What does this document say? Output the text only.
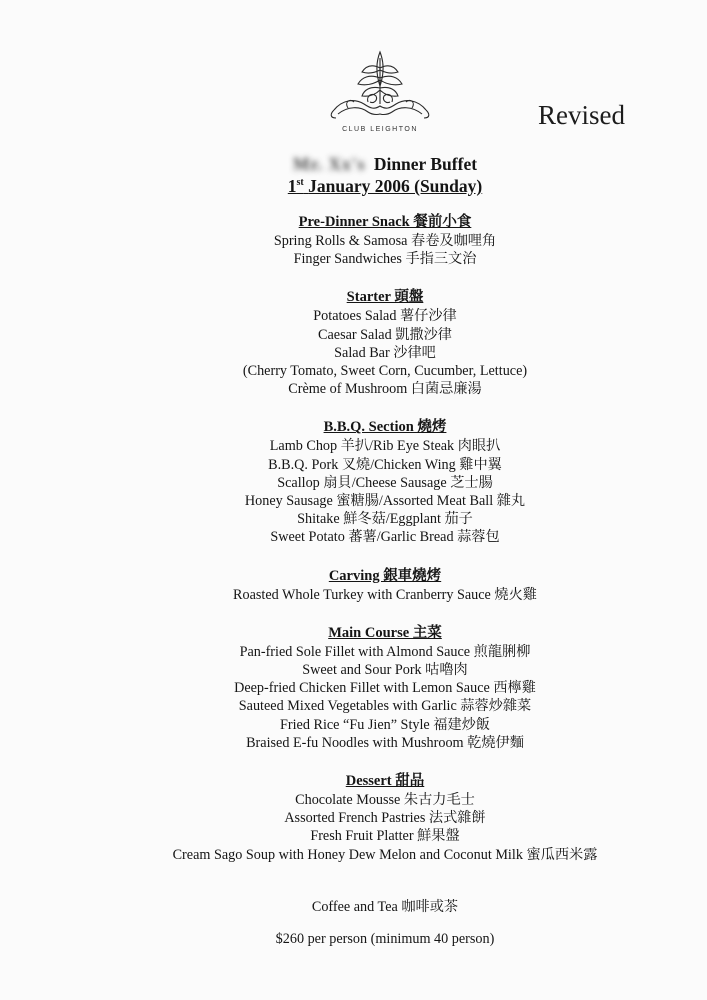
CLUB LEIGHTON	Revised
Mr. Xx's Dinner Buffet
1st January 2006 (Sunday)
Pre-Dinner Snack 餐前小食
Spring Rolls & Samosa 春卷及咖哩角
Finger Sandwiches 手指三文治
Starter 頭盤
Potatoes Salad 薯仔沙律
Caesar Salad 凱撒沙律
Salad Bar 沙律吧
(Cherry Tomato, Sweet Corn, Cucumber, Lettuce)
Crème of Mushroom 白菌忌廉湯
B.B.Q. Section 燒烤
Lamb Chop 羊扒/Rib Eye Steak 肉眼扒
B.B.Q. Pork 叉燒/Chicken Wing 雞中翼
Scallop 扇貝/Cheese Sausage 芝士腸
Honey Sausage 蜜糖腸/Assorted Meat Ball 雜丸
Shitake 鮮冬菇/Eggplant 茄子
Sweet Potato 蕃薯/Garlic Bread 蒜蓉包
Carving 銀車燒烤
Roasted Whole Turkey with Cranberry Sauce 燒火雞
Main Course 主菜
Pan-fried Sole Fillet with Almond Sauce 煎龍脷柳
Sweet and Sour Pork 咕嚕肉
Deep-fried Chicken Fillet with Lemon Sauce 西檸雞
Sauteed Mixed Vegetables with Garlic 蒜蓉炒雜菜
Fried Rice “Fu Jien” Style 福建炒飯
Braised E-fu Noodles with Mushroom 乾燒伊麵
Dessert 甜品
Chocolate Mousse 朱古力毛士
Assorted French Pastries 法式雜餅
Fresh Fruit Platter 鮮果盤
Cream Sago Soup with Honey Dew Melon and Coconut Milk 蜜瓜西米露
Coffee and Tea 咖啡或茶
$260 per person (minimum 40 person)
